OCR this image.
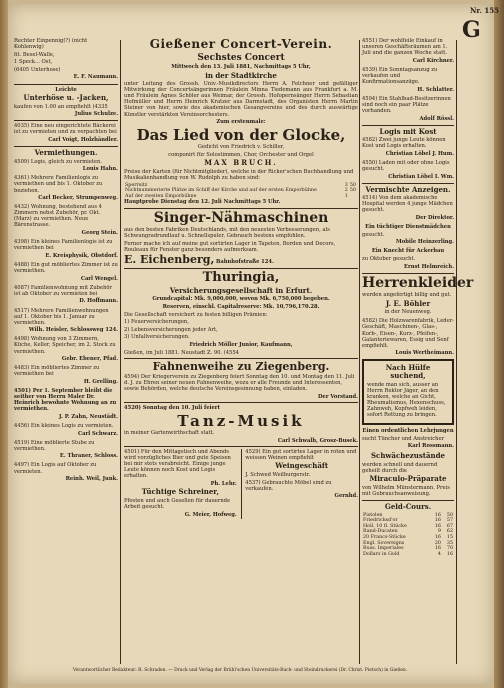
Nr. 155
G

Rechter Einpennig(?) (nicht Kohlenwig)

fit. Besel-Walle,

1 Speck... Ost,

(6405 Unterhose)

E. F. Naumann.

Leichte

Unterhöse u. -Jacken,

kaufen von 1.00 an empfiehlt (4335

Julius Schulze.

4035) Eine neu eingerichtete Bäckerei ist zu vermieten und zu verpachten bei

Carl Voigt, Holzhändler.

Vermiethungen.

4509) Logis, gleich zu vermieten.

Louis Hahn.

4361) Mehrere Familienlogis zu vermiethen und bis 1. Oktober zu beziehen.

Carl Becker, Strumpenweg.

4432) Wohnung, bestehend aus 4 Zimmern nebst Zubehör, pr. Okt. (Marz) zu vermiethen. Neue Bärenstrasse.

Georg Stein.

4398) Ein kleines Familienlogis ist zu vermiethen bei

E. Kreisphysik, Obstdorf.

4488) Ein gut möbliertes Zimmer ist zu vermiethen.

Carl Wengel.

4087) Familienwohnung mit Zubehör ist ab Oktober zu vermieten bei

D. Hoffmann.

4517) Mehrere Familienwohnungen auf 1. Oktober bis 1. Januar zu vermiethen.

Wilh. Heisler, Schlossweg 124.

4498) Wohnung von 3 Zimmern, Küche, Keller, Speicher, im 2. Stock zu vermiethen.

Gebr. Ebener, Pfad.

4483) Ein möbliertes Zimmer zu vermiethen bei

H. Grelling.

4501) Per 1. September bleibt die seither von Herrn Maler Dr. Heinrich bewohnte Wohnung an zu vermiethen.

J. P. Zahn, Neustädt.

4456) Ein kleines Logis zu vermieten.

Carl Schwarz.

4519) Eine möblierte Stube zu vermiethen.

E. Thraner, Schloss.

4497) Ein Logis auf Oktober zu vermieten.

Reinh. Weil, Junk.

Gießener Concert-Verein.

Sechstes Concert

Mittwoch den 13. Juli 1881, Nachmittags 5 Uhr,

in der Stadtkirche

unter Leitung des Grossh. Univ.-Musikdirectors Herrn A. Felchner und gefälliger Mitwirkung der Concertsängerinnen Fräulein Minna Tiedemann aus Frankfurt a. M. und Fräulein Agnes Schöler aus Weimar, der Grossh. Hofopernsänger Herrn Sebastian Hofmüller und Herrn Heinrich Kratzer aus Darmstadt, des Organisten Herrn Martin Steiner von hier, sowie des akademischen Gesangvereins und des durch auswärtige Künstler verstärkten Vereinsorchesters.

Zum erstenmale:

Das Lied von der Glocke,

Gedicht von Friedrich v. Schiller,

componirt für Solostimmen, Chor, Orchester und Orgel

MAX BRUCH.

Preise der Karten (für Nichtmitglieder), welche in der Ricker'schen Buchhandlung und Musikalienhandlung von W. Rudolph zu haben sind:

Sperrsitz	3	50
Nichtnummerierte Plätze im Schiff der Kirche und auf der ersten Emporbühne	2	50
Auf der zweiten Emporbühne	1	

Hauptprobe Dienstag den 12. Juli Nachmittags 5 Uhr.

Singer-Nähmaschinen

aus den besten Fabriken Deutschlands, mit den neuesten Verbesserungen, als Schwungradrundlauf u. Schnellspuler, Gebrauch bestens empfohlen.

Ferner mache ich auf meine gut sortirten Lager in Tapeten, Borden und Decors, Rouleaux für Fenster ganz besonders aufmerksam.

E. Eichenberg, Bahnhofstraße 124.

Thuringia,

Versicherungsgesellschaft in Erfurt.

Grundcapital: Mk. 9,000,000, wovon Mk. 6,750,000 begeben.

Reserven, einschl. Capitalreserve: Mk. 10,796,170.28.

Die Gesellschaft versichert zu festen billigen Prämien:

1) Feuerversicherungen,

2) Lebensversicherungen jeder Art,

3) Unfallversicherungen.

Friedrich Möller Junior, Kaufmann,

Gießen, im Juli 1881. Neustadt Z. 90. (4554

Fahnenweihe zu Ziegenberg.

4594) Der Kriegerverein zu Ziegenberg feiert Sonntag den 10. und Montag den 11. Juli d. J. zu Ehren seiner neuen Fahnenweihe, wozu er alle Freunde und Interessenten, sowie Behörden, welche deutsche Vereinsgesinnung haben, einladen.

Der Vorstand.

4520) Sonntag den 10. Juli feiert

Tanz-Musik

in meiner Gartenwirthschaft statt.

Carl Schwalb, Grosz-Busek.

4501) Für den Mittagstisch und Abends wird vorzügliches Bier und gute Speisen bei mir stets verabreicht. Einige junge Leute können noch Kost und Logis erhalten.

Ph. Lehr.

Tüchtige Schreiner,

Pfosten und auch Gesellen für dauernde Arbeit gesucht.

G. Meier, Hofweg.

4529) Ein gut sortirtes Lager in roten und weissen Weinen empfiehlt

Weingeschäft

J. Schwed Weilburgerstr.

4537) Gebrauchte Möbel sind zu verkaufen.

Gernhd.

4551) Der wohlfeile Einkauf in unseren Geschäftsräumen am 1. Juli und die ganzen Woche statt.

Carl Kirchner.

4539) Ein Sonntagsanzug zu verkaufen und Konfirmationsanzüge.

H. Schlatter.

4594) Ein Stahlbad-Besitzerinnen sind noch ein paar Plätze vorhanden.

Adolf Rössl.

Logis mit Kost

4582) Zwei junge Leute können Kost und Logis erhalten.

Christian Löbel J. Hum.

4550) Laden mit oder ohne Logis gesucht.

Christian Löbel I. Wm.

Vermischte Anzeigen.

4514) Von dem akademische Hospital werden 4 junge Mädchen gesucht.

Der Direktor.

Ein tüchtiger Dienstmädchen

gesucht.

Mobile Heinzerling.

Ein Knecht für Ackerbau

zu Oktober gesucht.

Ernst Helmreich.

Herrenkleider

werden angefertigt billig und gut.

J. E. Böhler

in der Neuenweg.

4582) Die Holzwarenfabrik, Leder-Geschäft, Maschinen-, Glas-, Korb-, Eisen-, Kurz-, Pfeifen-, Galanteriewaren, Essig und Senf empfiehlt.

Louis Wertheimann.

Nach Hülfe suchend,

wende man sich, ausser an Herrn Rektor Jäger, an den kranken, welche an Gicht, Rheumatismus, Hexenschuss, Zahnweh, Kopfweh leiden, sofort Rettung zu bringen.

Einen ordentlichen Lehrjungen

sucht Tüncher und Anstreicher

Karl Rossmann.

Schwächezustände

werden schnell und dauernd geheilt durch die

Miraculo-Präparate

von Wilhelm Münstermann. Preis mit Gebrauchsanweisung.

Geld-Cours.

Pistolen	16	50
Friedrichsd'or	16	57
Holl. 10 fl. Stücke	16	67
Rand-Ducaten	9	62
20 Francs-Stücke	16	15
Engl. Sovereigns	20	35
Russ. Imperiales	16	70
Dollars in Gold	4	16
Verantwortlicher Redakteur: R. Schraden. — Druck und Verlag der Brühl'schen Universitäts-Buch- und Steindruckerei (Dr. Christ. Pietsch) in Gießen.
